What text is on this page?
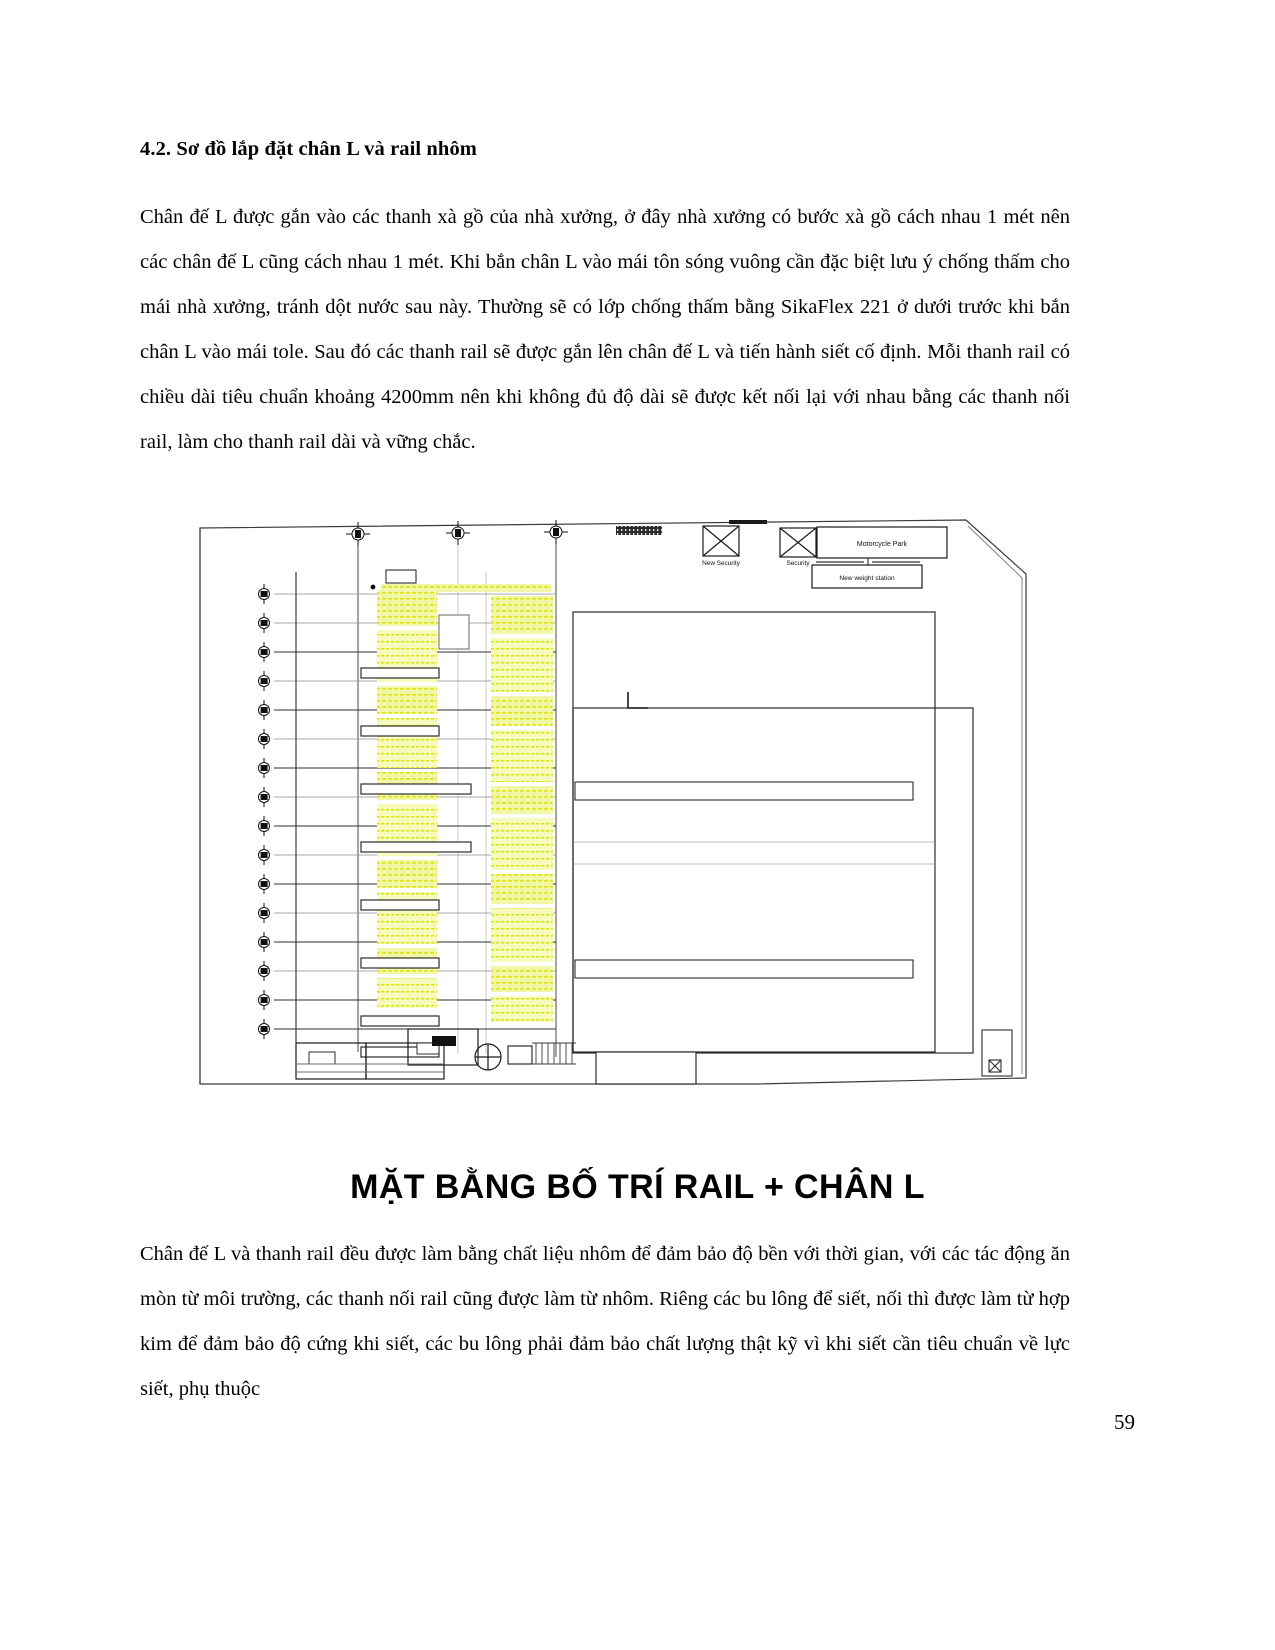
4.2. Sơ đồ lắp đặt chân L và rail nhôm

Chân đế L được gắn vào các thanh xà gồ của nhà xưởng, ở đây nhà xưởng có bước xà gồ cách nhau 1 mét nên các chân đế L cũng cách nhau 1 mét. Khi bắn chân L vào mái tôn sóng vuông cần đặc biệt lưu ý chống thấm cho mái nhà xưởng, tránh dột nước sau này. Thường sẽ có lớp chống thấm bằng SikaFlex 221 ở dưới trước khi bắn chân L vào mái tole. Sau đó các thanh rail sẽ được gắn lên chân đế L và tiến hành siết cố định. Mỗi thanh rail có chiều dài tiêu chuẩn khoảng 4200mm nên khi không đủ độ dài sẽ được kết nối lại với nhau bằng các thanh nối rail, làm cho thanh rail dài và vững chắc.

New Security	Security
Motorcycle Park
New weight station
MẶT BẰNG BỐ TRÍ RAIL + CHÂN L

Chân đế L và thanh rail đều được làm bằng chất liệu nhôm để đảm bảo độ bền với thời gian, với các tác động ăn mòn từ môi trường, các thanh nối rail cũng được làm từ nhôm. Riêng các bu lông để siết, nối thì được làm từ hợp kim để đảm bảo độ cứng khi siết, các bu lông phải đảm bảo chất lượng thật kỹ vì khi siết cần tiêu chuẩn về lực siết, phụ thuộc

59
